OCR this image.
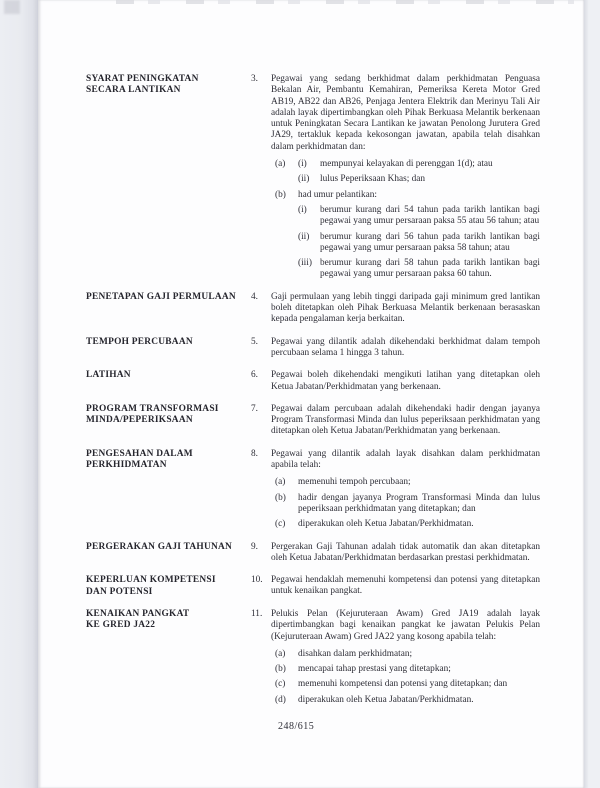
SYARAT PENINGKATAN
SECARA LANTIKAN
3.	Pegawai yang sedang berkhidmat dalam perkhidmatan Penguasa Bekalan Air, Pembantu Kemahiran, Pemeriksa Kereta Motor Gred AB19, AB22 dan AB26, Penjaga Jentera Elektrik dan Merinyu Tali Air adalah layak dipertimbangkan oleh Pihak Berkuasa Melantik berkenaan untuk Peningkatan Secara Lantikan ke jawatan Penolong Jurutera Gred JA29, tertakluk kepada kekosongan jawatan, apabila telah disahkan dalam perkhidmatan dan:

(a)	(i)	mempunyai kelayakan di perenggan 1(d); atau
(ii)	lulus Peperiksaan Khas; dan
(b)	had umur pelantikan:
(i)	berumur kurang dari 54 tahun pada tarikh lantikan bagi pegawai yang umur persaraan paksa 55 atau 56 tahun; atau
(ii)	berumur kurang dari 56 tahun pada tarikh lantikan bagi pegawai yang umur persaraan paksa 58 tahun; atau
(iii) berumur kurang dari 58 tahun pada tarikh lantikan bagi pegawai yang umur persaraan paksa 60 tahun.
PENETAPAN GAJI PERMULAAN	4.	Gaji permulaan yang lebih tinggi daripada gaji minimum gred lantikan boleh ditetapkan oleh Pihak Berkuasa Melantik berkenaan berasaskan kepada pengalaman kerja berkaitan.

TEMPOH PERCUBAAN	5.	Pegawai yang dilantik adalah dikehendaki berkhidmat dalam tempoh percubaan selama 1 hingga 3 tahun.

LATIHAN	6.	Pegawai boleh dikehendaki mengikuti latihan yang ditetapkan oleh Ketua Jabatan/Perkhidmatan yang berkenaan.

PROGRAM TRANSFORMASI
MINDA/PEPERIKSAAN
7.	Pegawai dalam percubaan adalah dikehendaki hadir dengan jayanya Program Transformasi Minda dan lulus peperiksaan perkhidmatan yang ditetapkan oleh Ketua Jabatan/Perkhidmatan yang berkenaan.

PENGESAHAN DALAM
PERKHIDMATAN
8.	Pegawai yang dilantik adalah layak disahkan dalam perkhidmatan apabila telah:

(a)	memenuhi tempoh percubaan;
(b)	hadir dengan jayanya Program Transformasi Minda dan lulus peperiksaan perkhidmatan yang ditetapkan; dan
(c)	diperakukan oleh Ketua Jabatan/Perkhidmatan.
PERGERAKAN GAJI TAHUNAN	9.	Pergerakan Gaji Tahunan adalah tidak automatik dan akan ditetapkan oleh Ketua Jabatan/Perkhidmatan berdasarkan prestasi perkhidmatan.

KEPERLUAN KOMPETENSI
DAN POTENSI
10. Pegawai hendaklah memenuhi kompetensi dan potensi yang ditetapkan untuk kenaikan pangkat.

KENAIKAN PANGKAT
KE GRED JA22
11. Pelukis Pelan (Kejuruteraan Awam) Gred JA19 adalah layak dipertimbangkan bagi kenaikan pangkat ke jawatan Pelukis Pelan (Kejuruteraan Awam) Gred JA22 yang kosong apabila telah:

(a)	disahkan dalam perkhidmatan;
(b)	mencapai tahap prestasi yang ditetapkan;
(c)	memenuhi kompetensi dan potensi yang ditetapkan; dan
(d)	diperakukan oleh Ketua Jabatan/Perkhidmatan.
248/615
